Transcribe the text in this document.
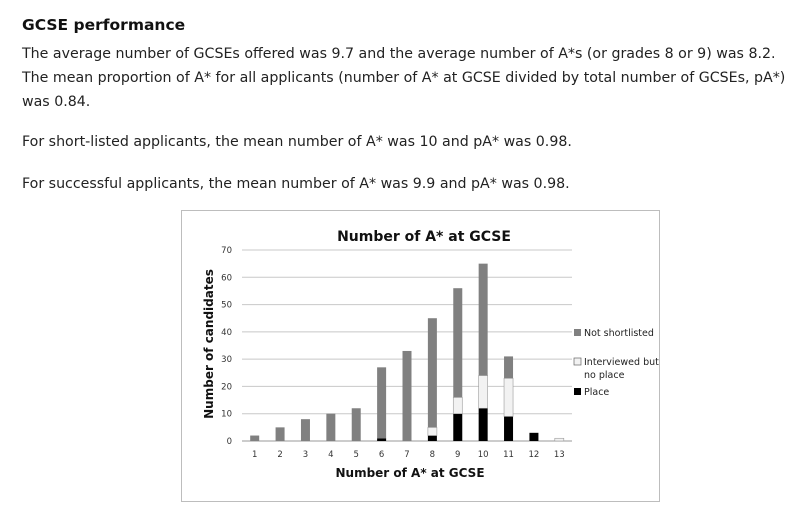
GCSE performance

The average number of GCSEs offered was 9.7 and the average number of A*s (or grades 8 or 9) was 8.2. The mean proportion of A* for all applicants (number of A* at GCSE divided by total number of GCSEs, pA*) was 0.84.

For short-listed applicants, the mean number of A* was 10 and pA* was 0.98.

For successful applicants, the mean number of A* was 9.9 and pA* was 0.98.

Number of A* at GCSE
0
10
20
30
40
50
60
70
1 2 3 4 5 6 7 8 9 10 11 12 13
Number of A* at GCSE
Number of candidates	Not shortlisted
Interviewed but
no place
Place
